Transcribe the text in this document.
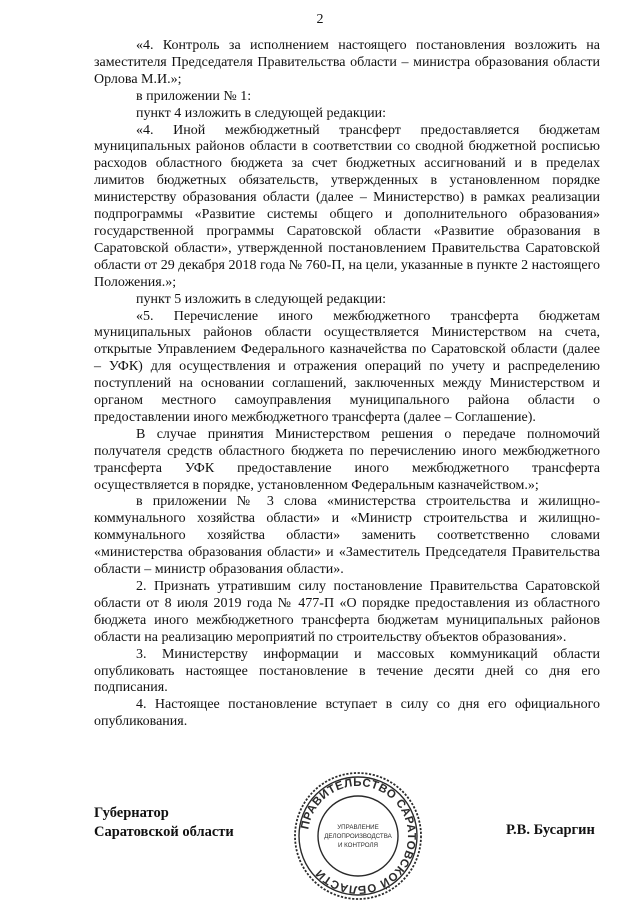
2

«4. Контроль за исполнением настоящего постановления возложить на заместителя Председателя Правительства области – министра образования области Орлова М.И.»;

в приложении № 1:

пункт 4 изложить в следующей редакции:

«4. Иной межбюджетный трансферт предоставляется бюджетам муниципальных районов области в соответствии со сводной бюджетной росписью расходов областного бюджета за счет бюджетных ассигнований и в пределах лимитов бюджетных обязательств, утвержденных в установленном порядке министерству образования области (далее – Министерство) в рамках реализации подпрограммы «Развитие системы общего и дополнительного образования» государственной программы Саратовской области «Развитие образования в Саратовской области», утвержденной постановлением Правительства Саратовской области от 29 декабря 2018 года № 760-П, на цели, указанные в пункте 2 настоящего Положения.»;

пункт 5 изложить в следующей редакции:

«5. Перечисление иного межбюджетного трансферта бюджетам муниципальных районов области осуществляется Министерством на счета, открытые Управлением Федерального казначейства по Саратовской области (далее – УФК) для осуществления и отражения операций по учету и распределению поступлений на основании соглашений, заключенных между Министерством и органом местного самоуправления муниципального района области о предоставлении иного межбюджетного трансферта (далее – Соглашение).

В случае принятия Министерством решения о передаче полномочий получателя средств областного бюджета по перечислению иного межбюджетного трансферта УФК предоставление иного межбюджетного трансферта осуществляется в порядке, установленном Федеральным казначейством.»;

в приложении № 3 слова «министерства строительства и жилищно-коммунального хозяйства области» и «Министр строительства и жилищно-коммунального хозяйства области» заменить соответственно словами «министерства образования области» и «Заместитель Председателя Правительства области – министр образования области».

2. Признать утратившим силу постановление Правительства Саратовской области от 8 июля 2019 года № 477-П «О порядке предоставления из областного бюджета иного межбюджетного трансферта бюджетам муниципальных районов области на реализацию мероприятий по строительству объектов образования».

3. Министерству информации и массовых коммуникаций области опубликовать настоящее постановление в течение десяти дней со дня его подписания.

4. Настоящее постановление вступает в силу со дня его официального опубликования.

Губернатор
Саратовской области	ПРАВИТЕЛЬСТВО САРАТОВСКОЙ ОБЛАСТИ
УПРАВЛЕНИЕ
ДЕЛОПРОИЗВОДСТВА
И КОНТРОЛЯ
Р.В. Бусаргин
